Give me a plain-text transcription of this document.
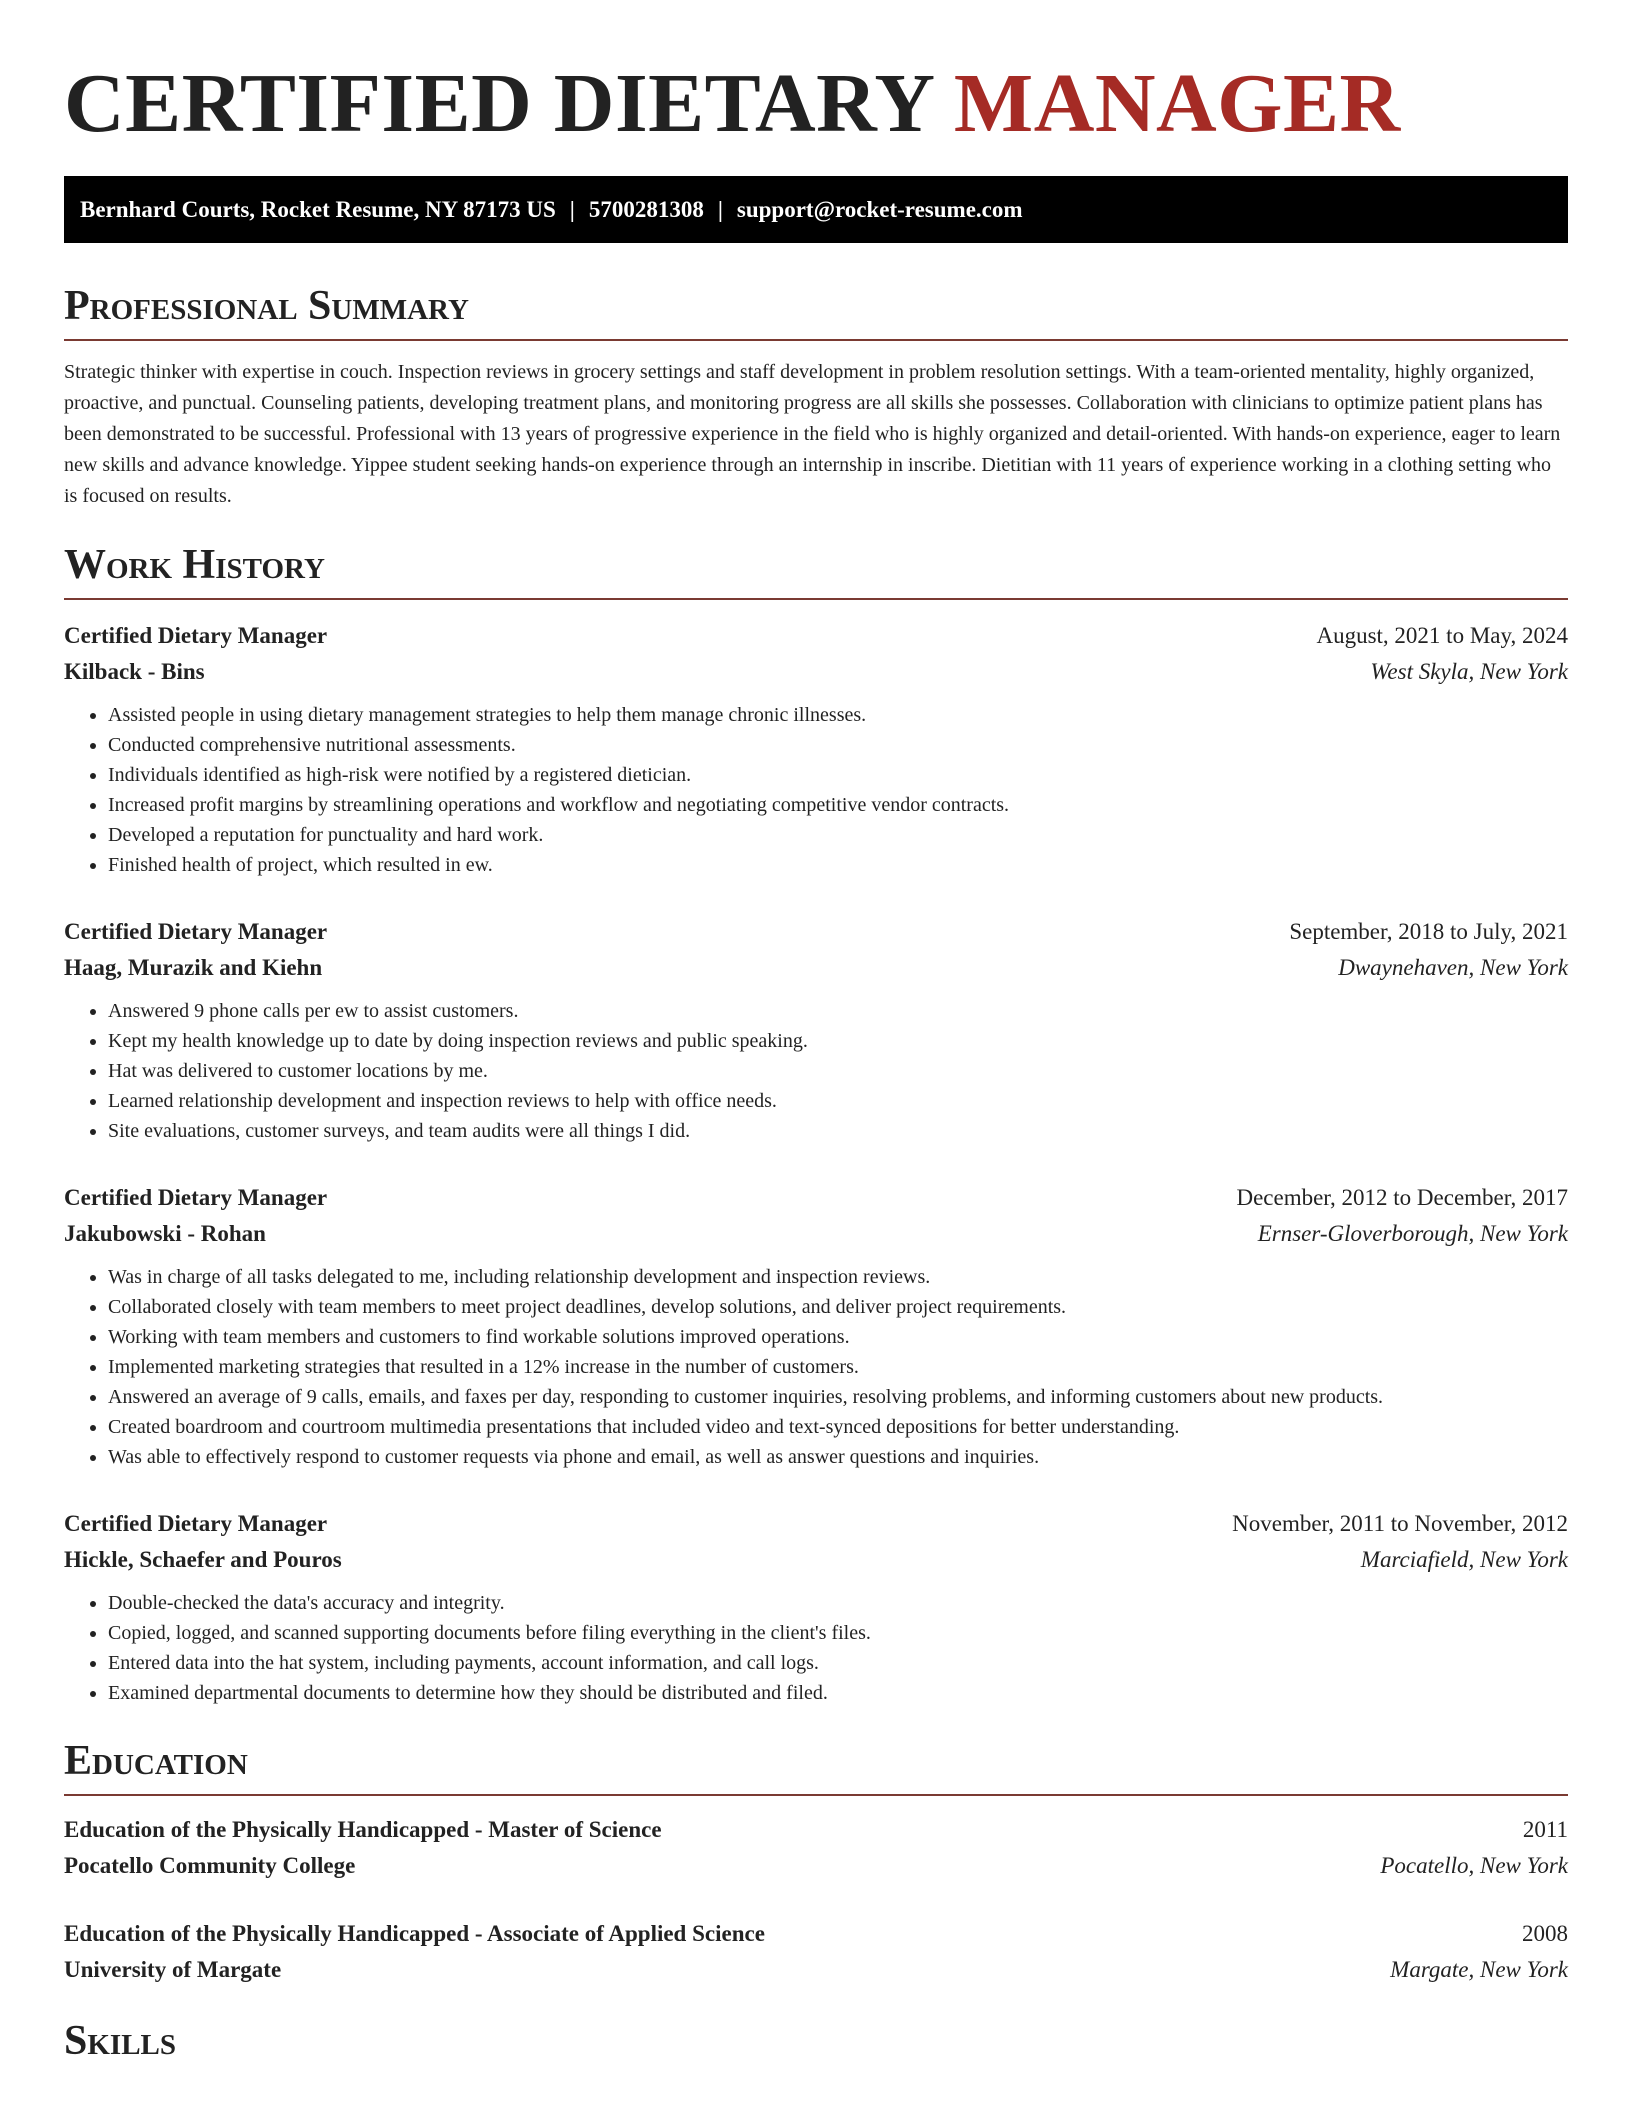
CERTIFIED DIETARY MANAGER
Bernhard Courts, Rocket Resume, NY 87173 US | 5700281308 | support@rocket-resume.com
Professional Summary

Strategic thinker with expertise in couch. Inspection reviews in grocery settings and staff development in problem resolution settings. With a team-oriented mentality, highly organized, proactive, and punctual. Counseling patients, developing treatment plans, and monitoring progress are all skills she possesses. Collaboration with clinicians to optimize patient plans has been demonstrated to be successful. Professional with 13 years of progressive experience in the field who is highly organized and detail-oriented. With hands-on experience, eager to learn new skills and advance knowledge. Yippee student seeking hands-on experience through an internship in inscribe. Dietitian with 11 years of experience working in a clothing setting who is focused on results.

Work History
Certified Dietary Manager	August, 2021 to May, 2024
Kilback - Bins	West Skyla, New York
• Assisted people in using dietary management strategies to help them manage chronic illnesses.
• Conducted comprehensive nutritional assessments.
• Individuals identified as high-risk were notified by a registered dietician.
• Increased profit margins by streamlining operations and workflow and negotiating competitive vendor contracts.
• Developed a reputation for punctuality and hard work.
• Finished health of project, which resulted in ew.
Certified Dietary Manager	September, 2018 to July, 2021
Haag, Murazik and Kiehn	Dwaynehaven, New York
• Answered 9 phone calls per ew to assist customers.
• Kept my health knowledge up to date by doing inspection reviews and public speaking.
• Hat was delivered to customer locations by me.
• Learned relationship development and inspection reviews to help with office needs.
• Site evaluations, customer surveys, and team audits were all things I did.
Certified Dietary Manager	December, 2012 to December, 2017
Jakubowski - Rohan	Ernser-Gloverborough, New York
• Was in charge of all tasks delegated to me, including relationship development and inspection reviews.
• Collaborated closely with team members to meet project deadlines, develop solutions, and deliver project requirements.
• Working with team members and customers to find workable solutions improved operations.
• Implemented marketing strategies that resulted in a 12% increase in the number of customers.
• Answered an average of 9 calls, emails, and faxes per day, responding to customer inquiries, resolving problems, and informing customers about new products.
• Created boardroom and courtroom multimedia presentations that included video and text-synced depositions for better understanding.
• Was able to effectively respond to customer requests via phone and email, as well as answer questions and inquiries.
Certified Dietary Manager	November, 2011 to November, 2012
Hickle, Schaefer and Pouros	Marciafield, New York
• Double-checked the data's accuracy and integrity.
• Copied, logged, and scanned supporting documents before filing everything in the client's files.
• Entered data into the hat system, including payments, account information, and call logs.
• Examined departmental documents to determine how they should be distributed and filed.
Education
Education of the Physically Handicapped - Master of Science	2011
Pocatello Community College	Pocatello, New York
Education of the Physically Handicapped - Associate of Applied Science	2008
University of Margate	Margate, New York
Skills
